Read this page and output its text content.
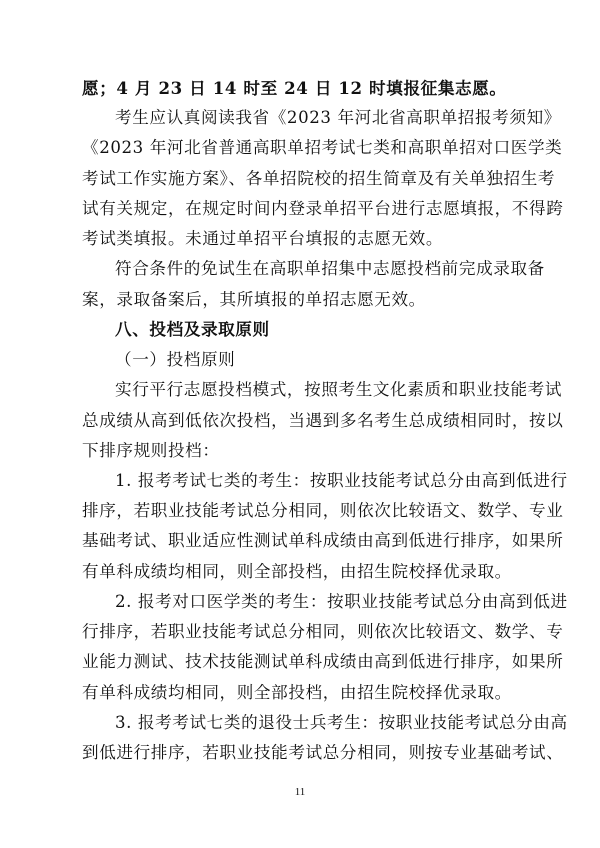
愿；4 月 23 日 14 时至 24 日 12 时填报征集志愿。
考生应认真阅读我省《2023 年河北省高职单招报考须知》
《2023 年河北省普通高职单招考试七类和高职单招对口医学类
考试工作实施方案》、各单招院校的招生简章及有关单独招生考
试有关规定，在规定时间内登录单招平台进行志愿填报，不得跨
考试类填报。未通过单招平台填报的志愿无效。
符合条件的免试生在高职单招集中志愿投档前完成录取备
案，录取备案后，其所填报的单招志愿无效。
八、投档及录取原则
（一）投档原则
实行平行志愿投档模式，按照考生文化素质和职业技能考试
总成绩从高到低依次投档，当遇到多名考生总成绩相同时，按以
下排序规则投档：
1. 报考考试七类的考生：按职业技能考试总分由高到低进行
排序，若职业技能考试总分相同，则依次比较语文、数学、专业
基础考试、职业适应性测试单科成绩由高到低进行排序，如果所
有单科成绩均相同，则全部投档，由招生院校择优录取。
2. 报考对口医学类的考生：按职业技能考试总分由高到低进
行排序，若职业技能考试总分相同，则依次比较语文、数学、专
业能力测试、技术技能测试单科成绩由高到低进行排序，如果所
有单科成绩均相同，则全部投档，由招生院校择优录取。
3. 报考考试七类的退役士兵考生：按职业技能考试总分由高
到低进行排序，若职业技能考试总分相同，则按专业基础考试、
11
